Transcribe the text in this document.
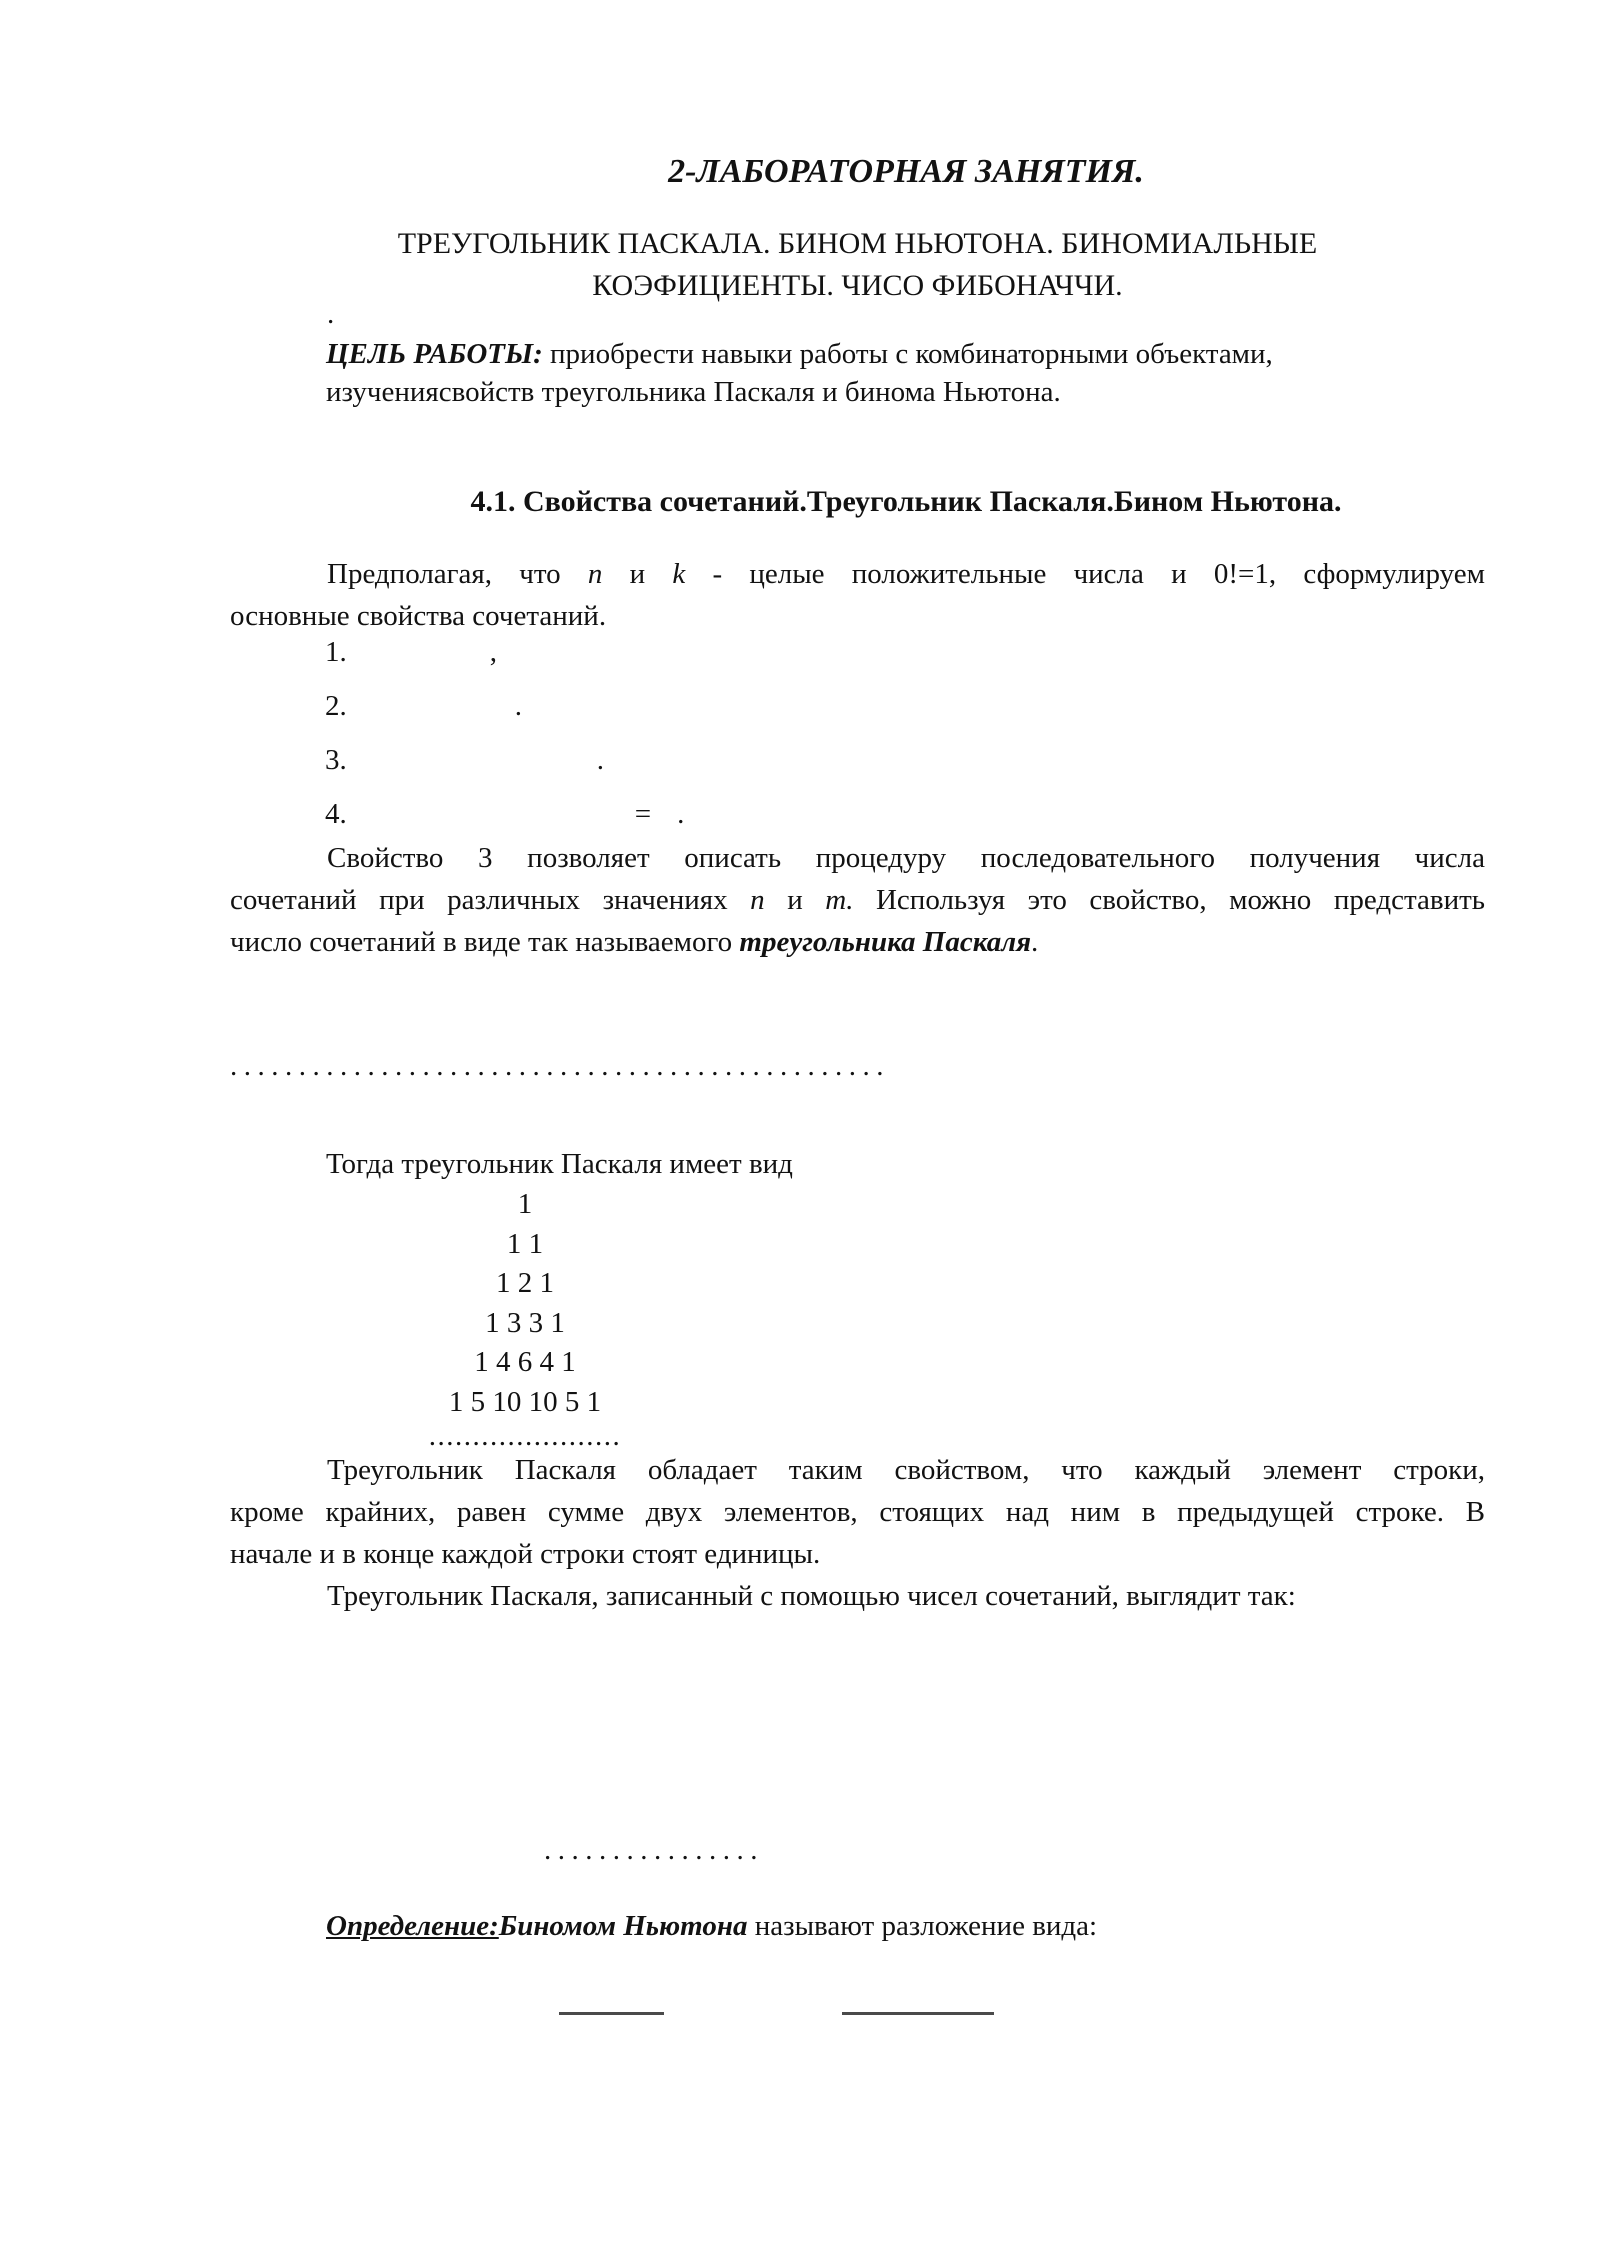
2-ЛАБОРАТОРНАЯ ЗАНЯТИЯ.
ТРЕУГОЛЬНИК ПАСКАЛА. БИНОМ НЬЮТОНА. БИНОМИАЛЬНЫЕ
КОЭФИЦИЕНТЫ. ЧИСО ФИБОНАЧЧИ.
.
ЦЕЛЬ РАБОТЫ: приобрести навыки работы с комбинаторными объектами,
изучениясвойств треугольника Паскаля и бинома Ньютона.
4.1. Свойства сочетаний.Треугольник Паскаля.Бином Ньютона.
Предполагая, что n и k - целые положительные числа и 0!=1, сформулируем
основные свойства сочетаний.
1.	,
2.	.
3.	.
4.	= .
Свойство 3 позволяет описать процедуру последовательного получения числа
сочетаний при различных значениях n и m. Используя это свойство, можно представить
число сочетаний в виде так называемого треугольника Паскаля.
................................................
Тогда треугольник Паскаля имеет вид
1
1 1
1 2 1
1 3 3 1
1 4 6 4 1
1 5 10 10 5 1
......................
Треугольник Паскаля обладает таким свойством, что каждый элемент строки,
кроме крайних, равен сумме двух элементов, стоящих над ним в предыдущей строке. В
начале и в конце каждой строки стоят единицы.
Треугольник Паскаля, записанный с помощью чисел сочетаний, выглядит так:
................
Определение:Биномом Ньютона называют разложение вида:
